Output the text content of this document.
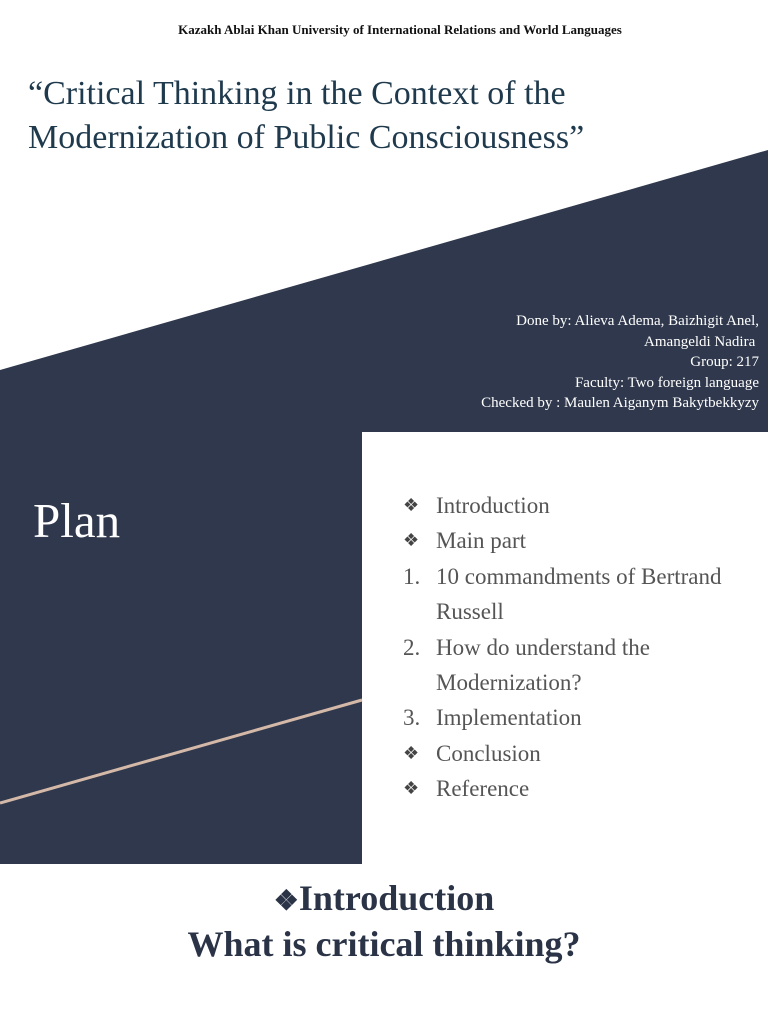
Kazakh Ablai Khan University of International Relations and World Languages
“Critical Thinking in the Context of the
Modernization of Public Consciousness”
Done by: Alieva Adema, Baizhigit Anel,
Amangeldi Nadira
Group: 217
Faculty: Two foreign language
Checked by : Maulen Aiganym Bakytbekkyzy
Plan	❖ Introduction
❖ Main part
1. 10 commandments of Bertrand Russell
2. How do understand the Modernization?
3. Implementation
❖ Conclusion
❖ Reference
❖Introduction
What is critical thinking?
